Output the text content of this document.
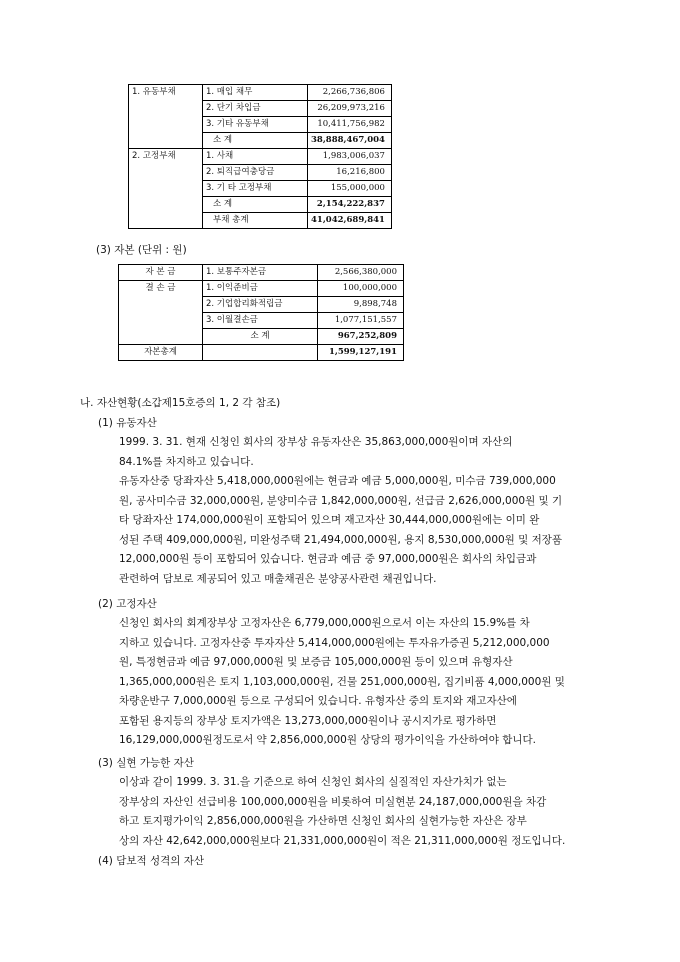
1. 유동부채	1. 매입 채무	2,266,736,806
	2. 단기 차입금	26,209,973,216
	3. 기타 유동부채	10,411,756,982
	소 계	38,888,467,004
2. 고정부채	1. 사채	1,983,006,037
	2. 퇴직급여충당금	16,216,800
	3. 기 타 고정부채	155,000,000
	소 계	2,154,222,837
	부채 총계	41,042,689,841
(3) 자본 (단위 : 원)
자 본 금	1. 보통주자본금	2,566,380,000
결 손 금	1. 이익준비금	100,000,000
	2. 기업합리화적립금	9,898,748
	3. 이월결손금	1,077,151,557
	소 계	967,252,809
자본총계		1,599,127,191
나. 자산현황(소갑제15호증의 1, 2 각 참조)
(1) 유동자산
1999. 3. 31. 현재 신청인 회사의 장부상 유동자산은 35,863,000,000원이며 자산의
84.1%를 차지하고 있습니다.
유동자산중 당좌자산 5,418,000,000원에는 현금과 예금 5,000,000원, 미수금 739,000,000
원, 공사미수금 32,000,000원, 분양미수금 1,842,000,000원, 선급금 2,626,000,000원 및 기
타 당좌자산 174,000,000원이 포함되어 있으며 재고자산 30,444,000,000원에는 이미 완
성된 주택 409,000,000원, 미완성주택 21,494,000,000원, 용지 8,530,000,000원 및 저장품
12,000,000원 등이 포함되어 있습니다. 현금과 예금 중 97,000,000원은 회사의 차입금과
관련하여 담보로 제공되어 있고 매출채권은 분양공사관련 채권입니다.
(2) 고정자산
신청인 회사의 회계장부상 고정자산은 6,779,000,000원으로서 이는 자산의 15.9%를 차
지하고 있습니다. 고정자산중 투자자산 5,414,000,000원에는 투자유가증권 5,212,000,000
원, 특정현금과 예금 97,000,000원 및 보증금 105,000,000원 등이 있으며 유형자산
1,365,000,000원은 토지 1,103,000,000원, 건물 251,000,000원, 집기비품 4,000,000원 및
차량운반구 7,000,000원 등으로 구성되어 있습니다. 유형자산 중의 토지와 재고자산에
포함된 용지등의 장부상 토지가액은 13,273,000,000원이나 공시지가로 평가하면
16,129,000,000원정도로서 약 2,856,000,000원 상당의 평가이익을 가산하여야 합니다.
(3) 실현 가능한 자산
이상과 같이 1999. 3. 31.을 기준으로 하여 신청인 회사의 실질적인 자산가치가 없는
장부상의 자산인 선급비용 100,000,000원을 비롯하여 미실현분 24,187,000,000원을 차감
하고 토지평가이익 2,856,000,000원을 가산하면 신청인 회사의 실현가능한 자산은 장부
상의 자산 42,642,000,000원보다 21,331,000,000원이 적은 21,311,000,000원 정도입니다.
(4) 담보적 성격의 자산
